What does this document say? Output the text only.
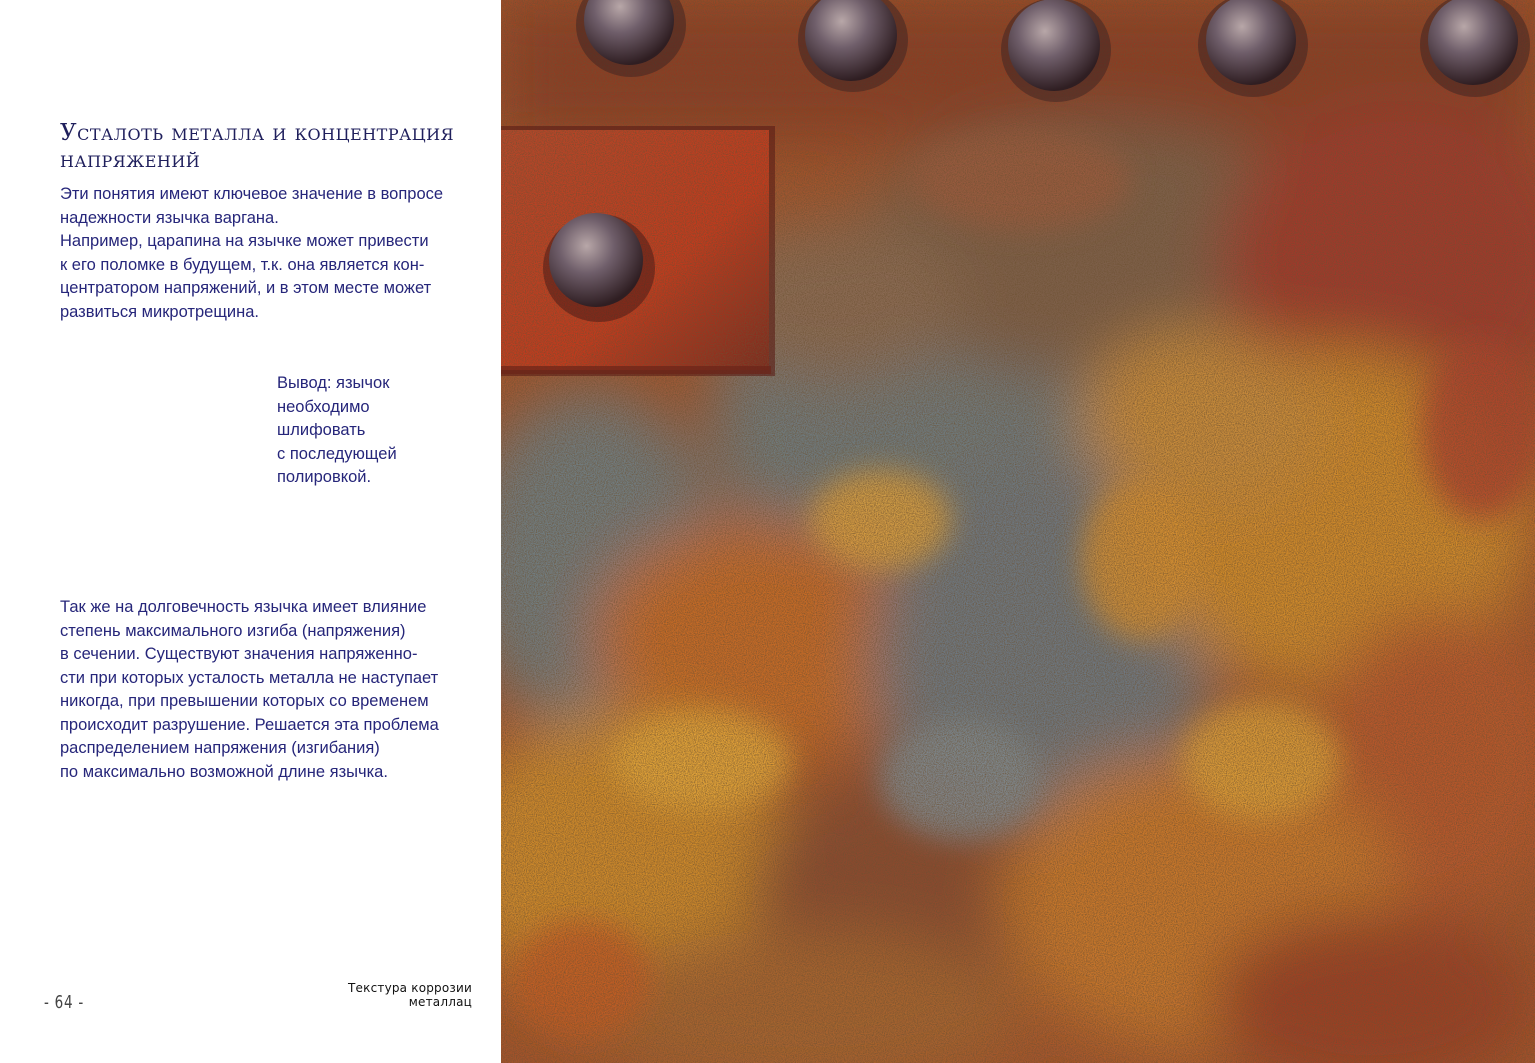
Усталоть металла и концентрация напряжений

Эти понятия имеют ключевое значение в вопросе
надежности язычка варгана.
Например, царапина на язычке может привести
к его поломке в будущем, т.к. она является кон-
центратором напряжений, и в этом месте может
развиться микротрещина.

Вывод: язычок
необходимо
шлифовать
с последующей
полировкой.

Так же на долговечность язычка имеет влияние
степень максимального изгиба (напряжения)
в сечении. Существуют значения напряженно-
сти при которых усталость металла не наступает
никогда, при превышении которых со временем
происходит разрушение. Решается эта проблема
распределением напряжения (изгибания)
по максимально возможной длине язычка.

Текстура коррозии металлац
- 64 -
